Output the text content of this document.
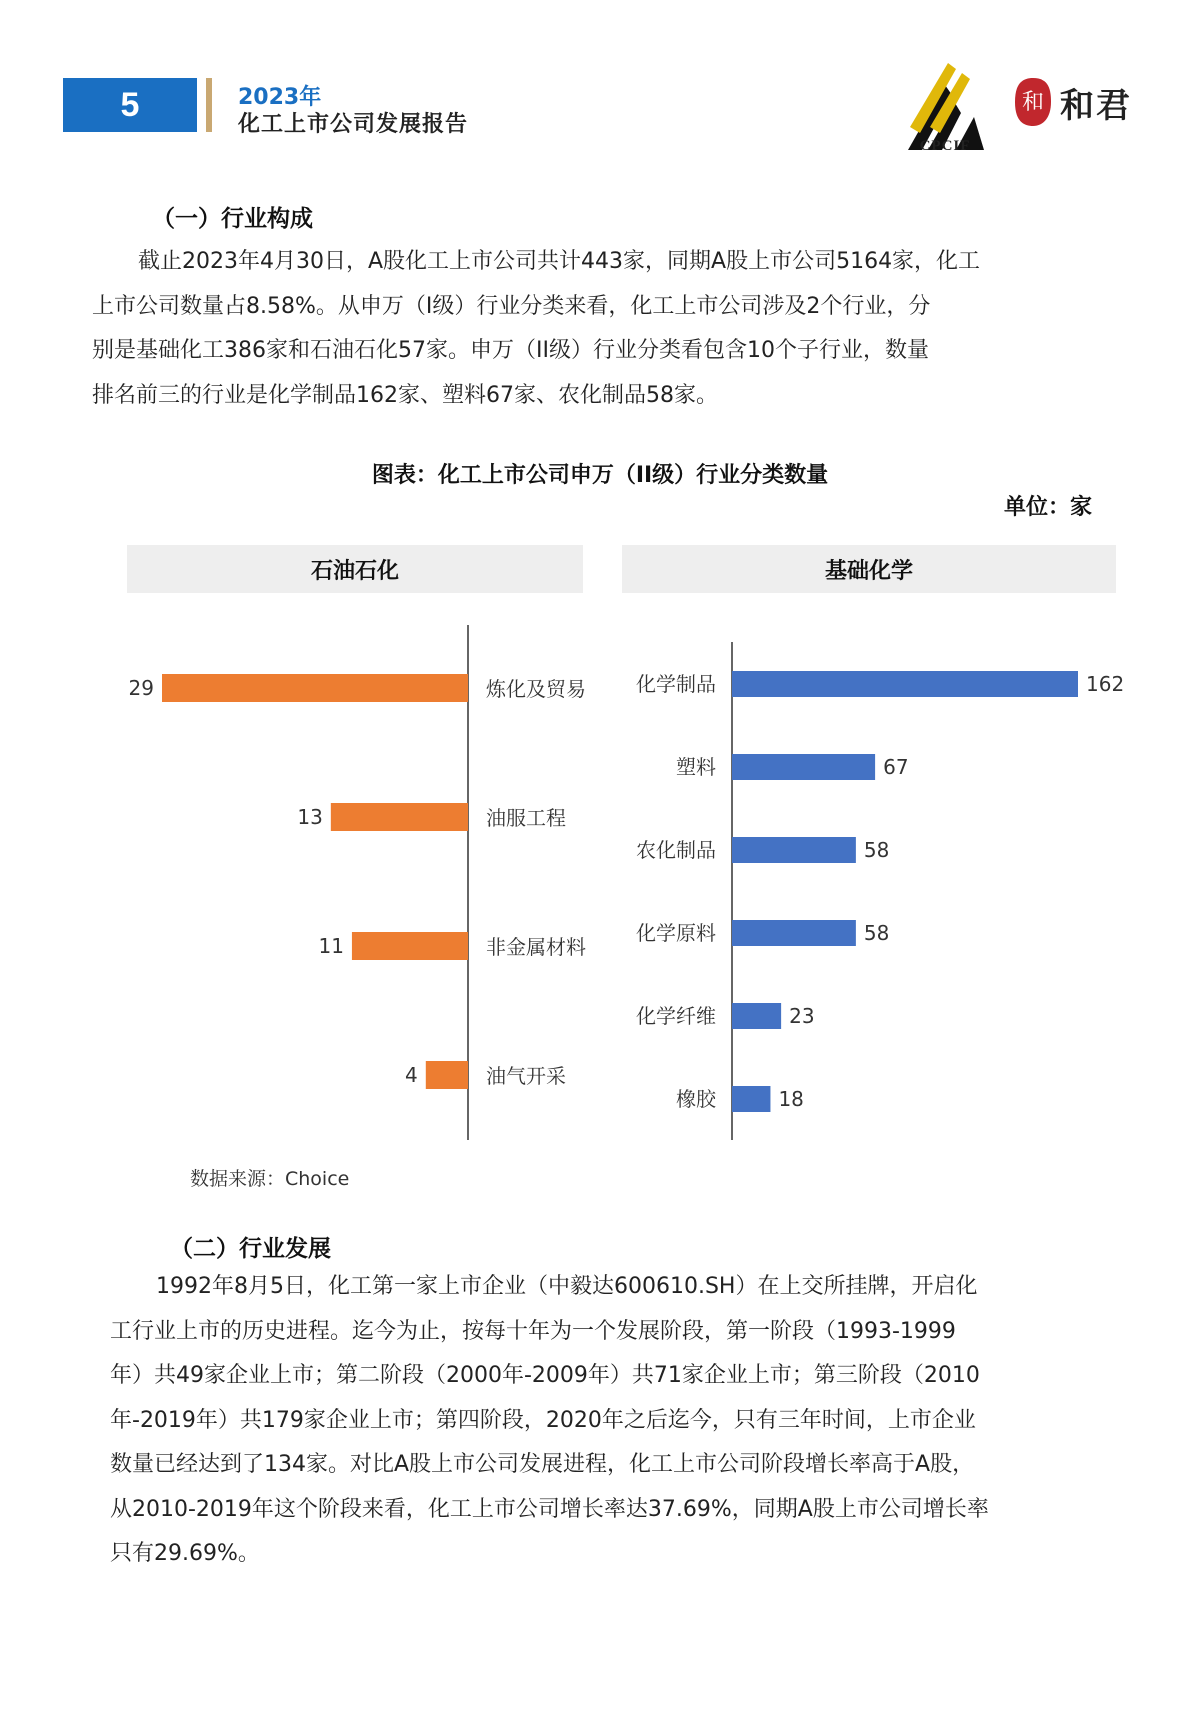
5	2023年
化工上市公司发展报告
CPCIF
和 和君
（一）行业构成
截止2023年4月30日，A股化工上市公司共计443家，同期A股上市公司5164家，化工
上市公司数量占8.58%。从申万（I级）行业分类来看，化工上市公司涉及2个行业，分
别是基础化工386家和石油石化57家。申万（II级）行业分类看包含10个子行业，数量
排名前三的行业是化学制品162家、塑料67家、农化制品58家。
图表：化工上市公司申万（II级）行业分类数量
单位：家
石油石化	基础化学
29	炼化及贸易
13	油服工程
11	非金属材料
4	油气开采
162
化学制品
67
塑料
58
农化制品
58
化学原料
23
化学纤维
18
橡胶
数据来源：Choice
（二）行业发展
1992年8月5日，化工第一家上市企业（中毅达600610.SH）在上交所挂牌，开启化
工行业上市的历史进程。迄今为止，按每十年为一个发展阶段，第一阶段（1993-1999
年）共49家企业上市；第二阶段（2000年-2009年）共71家企业上市；第三阶段（2010
年-2019年）共179家企业上市；第四阶段，2020年之后迄今，只有三年时间，上市企业
数量已经达到了134家。对比A股上市公司发展进程，化工上市公司阶段增长率高于A股，
从2010-2019年这个阶段来看，化工上市公司增长率达37.69%，同期A股上市公司增长率
只有29.69%。
